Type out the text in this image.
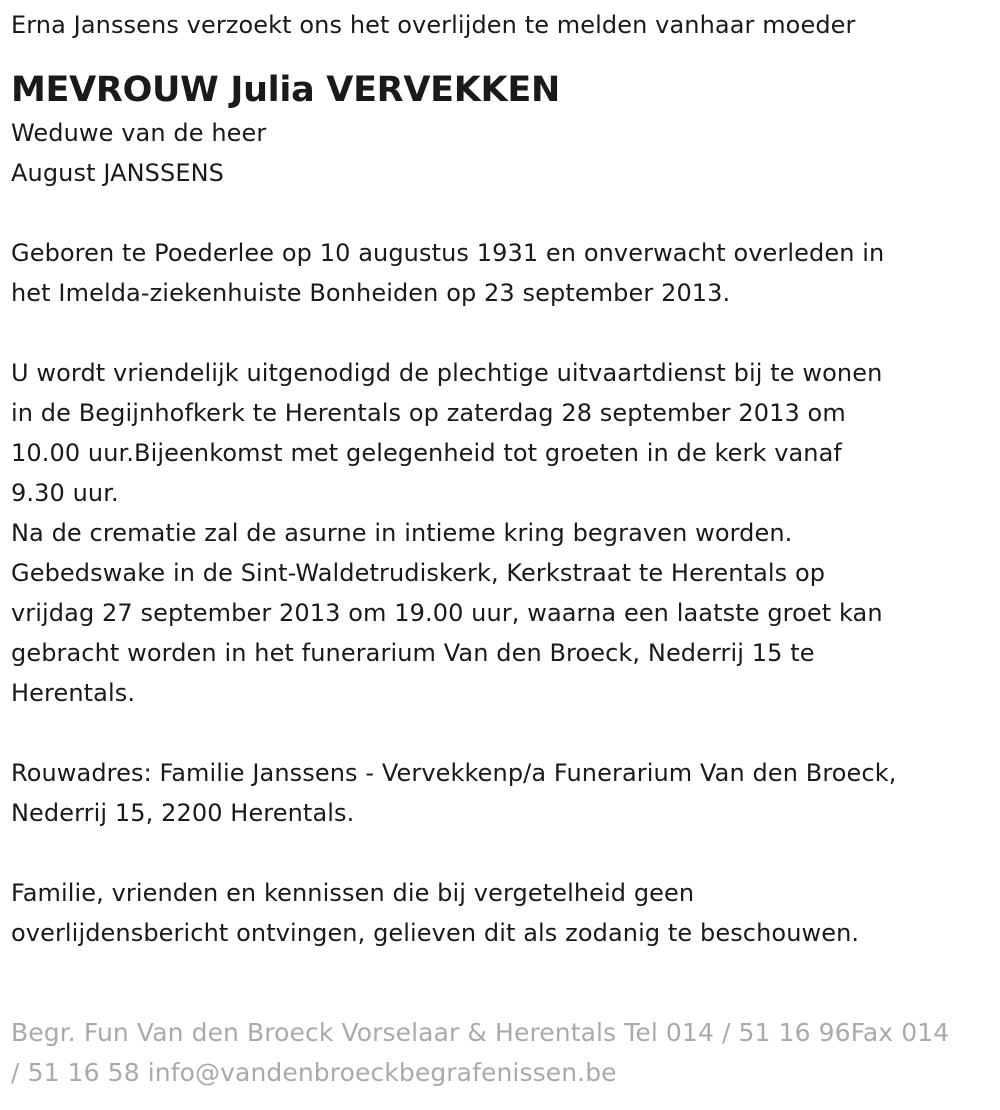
Erna Janssens verzoekt ons het overlijden te melden vanhaar moeder
MEVROUW Julia VERVEKKEN
Weduwe van de heer
August JANSSENS
Geboren te Poederlee op 10 augustus 1931 en onverwacht overleden in
het Imelda-ziekenhuiste Bonheiden op 23 september 2013.
U wordt vriendelijk uitgenodigd de plechtige uitvaartdienst bij te wonen
in de Begijnhofkerk te Herentals op zaterdag 28 september 2013 om
10.00 uur.Bijeenkomst met gelegenheid tot groeten in de kerk vanaf
9.30 uur.
Na de crematie zal de asurne in intieme kring begraven worden.
Gebedswake in de Sint-Waldetrudiskerk, Kerkstraat te Herentals op
vrijdag 27 september 2013 om 19.00 uur, waarna een laatste groet kan
gebracht worden in het funerarium Van den Broeck, Nederrij 15 te
Herentals.
Rouwadres: Familie Janssens - Vervekkenp/a Funerarium Van den Broeck,
Nederrij 15, 2200 Herentals.
Familie, vrienden en kennissen die bij vergetelheid geen
overlijdensbericht ontvingen, gelieven dit als zodanig te beschouwen.
Begr. Fun Van den Broeck Vorselaar & Herentals Tel 014 / 51 16 96Fax 014
/ 51 16 58 info@vandenbroeckbegrafenissen.be
